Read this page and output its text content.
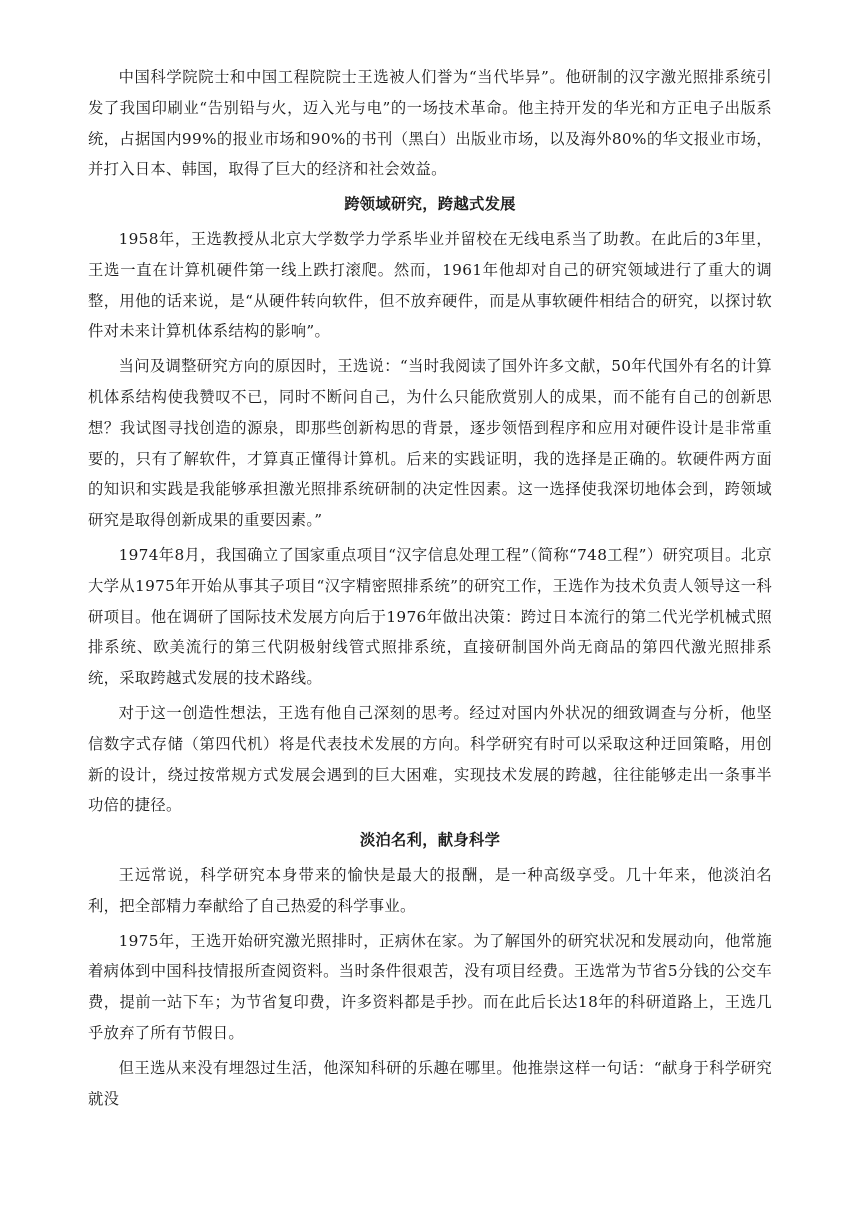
中国科学院院士和中国工程院院士王选被人们誉为“当代毕异”。他研制的汉字激光照排系统引发了我国印刷业“告别铅与火，迈入光与电”的一场技术革命。他主持开发的华光和方正电子出版系统，占据国内99%的报业市场和90%的书刊（黑白）出版业市场，以及海外80%的华文报业市场，并打入日本、韩国，取得了巨大的经济和社会效益。

跨领域研究，跨越式发展

1958年，王选教授从北京大学数学力学系毕业并留校在无线电系当了助教。在此后的3年里，王选一直在计算机硬件第一线上跌打滚爬。然而，1961年他却对自己的研究领域进行了重大的调整，用他的话来说，是“从硬件转向软件，但不放弃硬件，而是从事软硬件相结合的研究，以探讨软件对未来计算机体系结构的影响”。

当问及调整研究方向的原因时，王选说：“当时我阅读了国外许多文献，50年代国外有名的计算机体系结构使我赞叹不已，同时不断问自己，为什么只能欣赏别人的成果，而不能有自己的创新思想？我试图寻找创造的源泉，即那些创新构思的背景，逐步领悟到程序和应用对硬件设计是非常重要的，只有了解软件，才算真正懂得计算机。后来的实践证明，我的选择是正确的。软硬件两方面的知识和实践是我能够承担激光照排系统研制的决定性因素。这一选择使我深切地体会到，跨领域研究是取得创新成果的重要因素。”

1974年8月，我国确立了国家重点项目“汉字信息处理工程”（简称“748工程”）研究项目。北京大学从1975年开始从事其子项目“汉字精密照排系统”的研究工作，王选作为技术负责人领导这一科研项目。他在调研了国际技术发展方向后于1976年做出决策：跨过日本流行的第二代光学机械式照排系统、欧美流行的第三代阴极射线管式照排系统，直接研制国外尚无商品的第四代激光照排系统，采取跨越式发展的技术路线。

对于这一创造性想法，王选有他自己深刻的思考。经过对国内外状况的细致调查与分析，他坚信数字式存储（第四代机）将是代表技术发展的方向。科学研究有时可以采取这种迂回策略，用创新的设计，绕过按常规方式发展会遇到的巨大困难，实现技术发展的跨越，往往能够走出一条事半功倍的捷径。

淡泊名利，献身科学

王远常说，科学研究本身带来的愉快是最大的报酬，是一种高级享受。几十年来，他淡泊名利，把全部精力奉献给了自己热爱的科学事业。

1975年，王选开始研究激光照排时，正病休在家。为了解国外的研究状况和发展动向，他常施着病体到中国科技情报所查阅资料。当时条件很艰苦，没有项目经费。王选常为节省5分钱的公交车费，提前一站下车；为节省复印费，许多资料都是手抄。而在此后长达18年的科研道路上，王选几乎放弃了所有节假日。

但王选从来没有埋怨过生活，他深知科研的乐趣在哪里。他推崇这样一句话：“献身于科学研究就没
